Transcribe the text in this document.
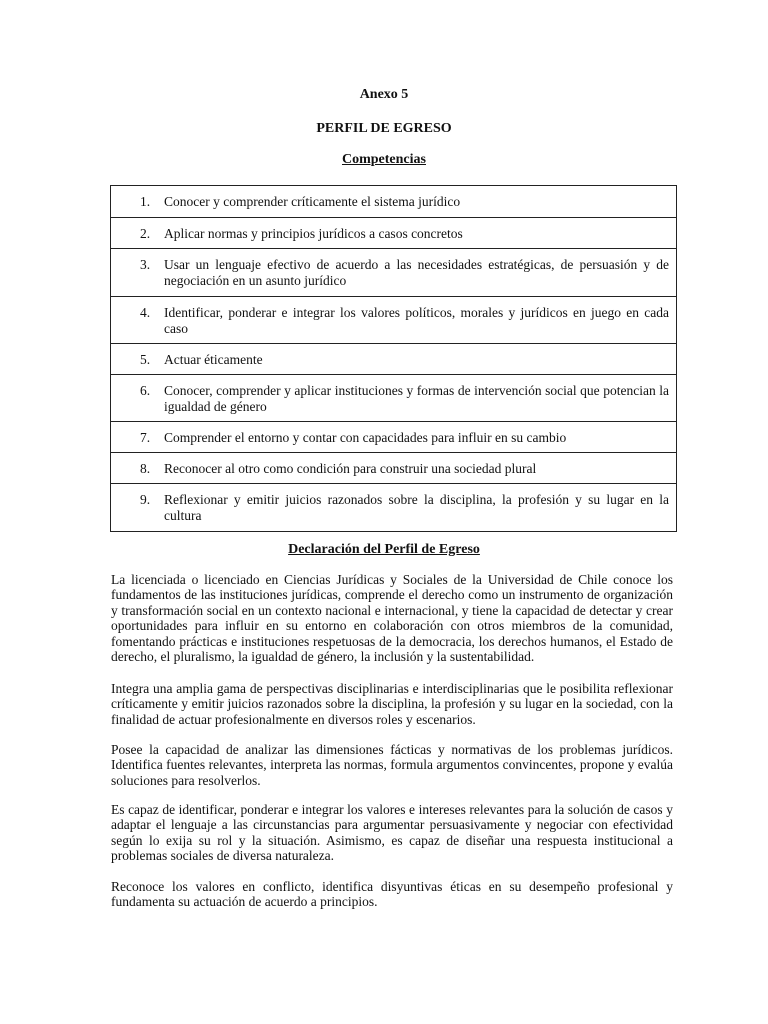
Anexo 5
PERFIL DE EGRESO
Competencias
1.	Conocer y comprender críticamente el sistema jurídico

2.	Aplicar normas y principios jurídicos a casos concretos

3.	Usar un lenguaje efectivo de acuerdo a las necesidades estratégicas, de persuasión y de negociación en un asunto jurídico

4.	Identificar, ponderar e integrar los valores políticos, morales y jurídicos en juego en cada caso

5.	Actuar éticamente

6.	Conocer, comprender y aplicar instituciones y formas de intervención social que potencian la igualdad de género

7.	Comprender el entorno y contar con capacidades para influir en su cambio

8.	Reconocer al otro como condición para construir una sociedad plural

9.	Reflexionar y emitir juicios razonados sobre la disciplina, la profesión y su lugar en la cultura
Declaración del Perfil de Egreso

La licenciada o licenciado en Ciencias Jurídicas y Sociales de la Universidad de Chile conoce los fundamentos de las instituciones jurídicas, comprende el derecho como un instrumento de organización y transformación social en un contexto nacional e internacional, y tiene la capacidad de detectar y crear oportunidades para influir en su entorno en colaboración con otros miembros de la comunidad, fomentando prácticas e instituciones respetuosas de la democracia, los derechos humanos, el Estado de derecho, el pluralismo, la igualdad de género, la inclusión y la sustentabilidad.

Integra una amplia gama de perspectivas disciplinarias e interdisciplinarias que le posibilita reflexionar críticamente y emitir juicios razonados sobre la disciplina, la profesión y su lugar en la sociedad, con la finalidad de actuar profesionalmente en diversos roles y escenarios.

Posee la capacidad de analizar las dimensiones fácticas y normativas de los problemas jurídicos. Identifica fuentes relevantes, interpreta las normas, formula argumentos convincentes, propone y evalúa soluciones para resolverlos.

Es capaz de identificar, ponderar e integrar los valores e intereses relevantes para la solución de casos y adaptar el lenguaje a las circunstancias para argumentar persuasivamente y negociar con efectividad según lo exija su rol y la situación. Asimismo, es capaz de diseñar una respuesta institucional a problemas sociales de diversa naturaleza.

Reconoce los valores en conflicto, identifica disyuntivas éticas en su desempeño profesional y fundamenta su actuación de acuerdo a principios.
